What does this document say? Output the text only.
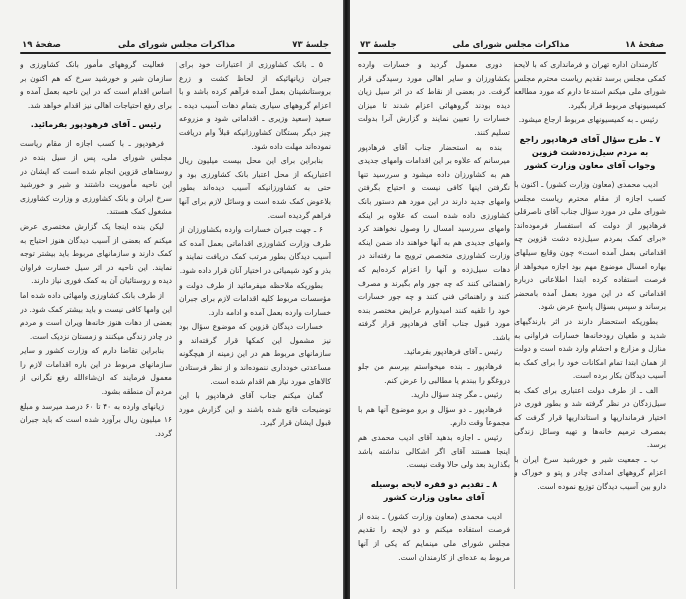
جلسهٔ ۷۳
مذاکرات مجلس شورای ملی
صفحهٔ ۱۹

۵ ـ بانک کشاورزی از اعتبارات خود برای جبران زیانهائیکه از لحاظ کشت و زرع بروستانشینان بعمل آمده فرآهم کرده باشد و با اعزام گروههای سیاری بتمام دهات آسیب دیده ـ سعید (سعید وزیری ـ اقداماتی شود و مزروعه چیز دیگر بستگان کشاورزانیکه قبلاً وام دریافت نموده‌اند مهلت داده شود.

بنابراین برای این محل بیست میلیون ریال اعتباریکه از محل اعتبار بانک کشاورزی بود و حتی به کشاورزانیکه آسیب دیده‌اند بطور بلاعوض کمک شده است و وسائل لازم برای آنها فراهم گردیده است.

۶ ـ جهت جبران خسارات وارده بکشاورزان از طرف وزارت کشاورزی اقداماتی بعمل آمده که آسیب دیدگان بطور مرتب کمک دریافت نمایند و بذر و کود شیمیائی در اختیار آنان قرار داده شود.

بطوریکه ملاحظه میفرمائید از طرف دولت و مؤسسات مربوط کلیه اقدامات لازم برای جبران خسارات وارده بعمل آمده و ادامه دارد.

خسارات دیدگان قزوین که موضوع سؤال بود نیز مشمول این کمکها قرار گرفته‌اند و سازمانهای مربوط هم در این زمینه از هیچگونه مساعدتی خودداری ننموده‌اند و از نظر فرستادن کالاهای مورد نیاز هم اقدام شده است.

گمان میکنم جناب آقای فرهادپور با این توضیحات قانع شده باشند و این گزارش مورد قبول ایشان قرار گیرد.

فعالیت گروههای مأمور بانک کشاورزی و سازمان شیر و خورشید سرخ که هم اکنون بر اساس اقدام است که در این ناحیه بعمل آمده و برای رفع احتیاجات اهالی نیز اقدام خواهد شد.

رئیس ـ آقای فرهودپور بفرمائید.

فرهودپور ـ با کسب اجازه از مقام ریاست مجلس شورای ملی، پس از سیل بنده در روستاهای قزوین انجام شده است که ایشان در این ناحیه مأموریت داشتند و شیر و خورشید سرخ ایران و بانک کشاورزی و وزارت کشاورزی مشغول کمک هستند.

لیکن بنده اینجا یک گزارش مختصری عرض میکنم که بعضی از آسیب دیدگان هنوز احتیاج به کمک دارند و سازمانهای مربوط باید بیشتر توجه نمایند. این ناحیه در اثر سیل خسارت فراوان دیده و روستائیان آن به کمک فوری نیاز دارند.

از طرف بانک کشاورزی وامهائی داده شده اما این وامها کافی نیست و باید بیشتر کمک شود. در بعضی از دهات هنوز خانه‌ها ویران است و مردم در چادر زندگی میکنند و زمستان نزدیک است.

بنابراین تقاضا دارم که وزارت کشور و سایر سازمانهای مربوط در این باره اقدامات لازم را معمول فرمایند که ان‌شاءالله رفع نگرانی از مردم آن منطقه بشود.

زیانهای وارده به ۴۰ تا ۶۰ درصد میرسد و مبلغ ۱۶ میلیون ریال برآورد شده است که باید جبران گردد.

صفحهٔ ۱۸
مذاکرات مجلس شورای ملی
جلسهٔ ۷۳

کارمندان اداره تهران و فرمانداری که با لایحه کمکی مجلس برسد تقدیم ریاست محترم مجلس شورای ملی میکنم استدعا دارم که مورد مطالعه کمیسیونهای مربوط قرار بگیرد.

رئیس ـ به کمیسیونهای مربوط ارجاع میشود.

۷ ـ طرح سؤال آقای فرهادپور راجع به مردم سیل‌زده‌دشت قزوین وجواب آقای معاون وزارت کشور

ادیب محمدی (معاون وزارت کشور) ـ اکنون با کسب اجازه از مقام محترم ریاست مجلس شورای ملی در مورد سؤال جناب آقای ناصرقلی فرهادپور از دولت که استفسار فرموده‌اند: «برای کمک بمردم سیل‌زده دشت قزوین چه اقداماتی بعمل آمده است» چون وقایع سیلهای بهاره امسال موضوع مهم بود اجازه میخواهد از فرصت استفاده کرده ابتدا اطلاعاتی درباره اقداماتی که در این مورد بعمل آمده بامحضر برساند و سپس بسؤال پاسخ عرض شود.

بطوریکه استحضار دارند در اثر بارندگیهای شدید و طغیان رودخانه‌ها خسارات فراوانی به منازل و مزارع و احشام وارد شده است و دولت از همان ابتدا تمام امکانات خود را برای کمک به آسیب دیدگان بکار برده است.

الف ـ از طرف دولت اعتباری برای کمک به سیل‌زدگان در نظر گرفته شد و بطور فوری در اختیار فرمانداریها و استانداریها قرار گرفت که بمصرف ترمیم خانه‌ها و تهیه وسائل زندگی برسد.

ب ـ جمعیت شیر و خورشید سرخ ایران با اعزام گروههای امدادی چادر و پتو و خوراک و دارو بین آسیب دیدگان توزیع نموده است.

دوری معمول گردید و خسارات وارده بکشاورزان و سایر اهالی مورد رسیدگی قرار گرفت. در بعضی از نقاط که در اثر سیل زیان دیده بودند گروههائی اعزام شدند تا میزان خسارات را تعیین نمایند و گزارش آنرا بدولت تسلیم کنند.

بنده به استحضار جناب آقای فرهادپور میرسانم که علاوه بر این اقدامات وامهای جدیدی هم به کشاورزان داده میشود و سررسید تنها نگرفتن اینها کافی نیست و احتیاج بگرفتن وامهای جدید دارند در این مورد هم دستور بانک کشاورزی داده شده است که علاوه بر اینکه وامهای سررسید امسال را وصول نخواهند کرد وامهای جدیدی هم به آنها خواهند داد ضمن اینکه وزارت کشاورزی متخصص ترویج ما رفته‌اند در دهات سیل‌زده و آنها را اعزام کرده‌ایم که راهنمائی کنند که چه جور وام بگیرند و مصرف کنند و راهنمائی فنی کنند و چه جور خسارات خود را تلفیه کنند امیدوارم عرایض مختصر بنده مورد قبول جناب آقای فرهادپور قرار گرفته باشد.

رئیس ـ آقای فرهادپور بفرمائید.

فرهادپور ـ بنده میخواستم بپرسم من جلو دروغگو را ببندم یا مطالبی را عرض کنم.

رئیس ـ مگر چند سؤال دارید.

فرهادپور ـ دو سؤال و برو موضوع آنها هم با مجموعاً وقت دارم.

رئیس ـ اجازه بدهید آقای ادیب محمدی هم اینجا هستند آقای اگر اشکالی نداشته باشد بگذارید بعد ولی حالا وقت نیست.

۸ ـ تقدیم دو فقره لایحه بوسیله آقای معاون وزارت کشور

ادیب محمدی (معاون وزارت کشور) ـ بنده از فرصت استفاده میکنم و دو لایحه را تقدیم مجلس شورای ملی مینمایم که یکی از آنها مربوط به عده‌ای از کارمندان است.
